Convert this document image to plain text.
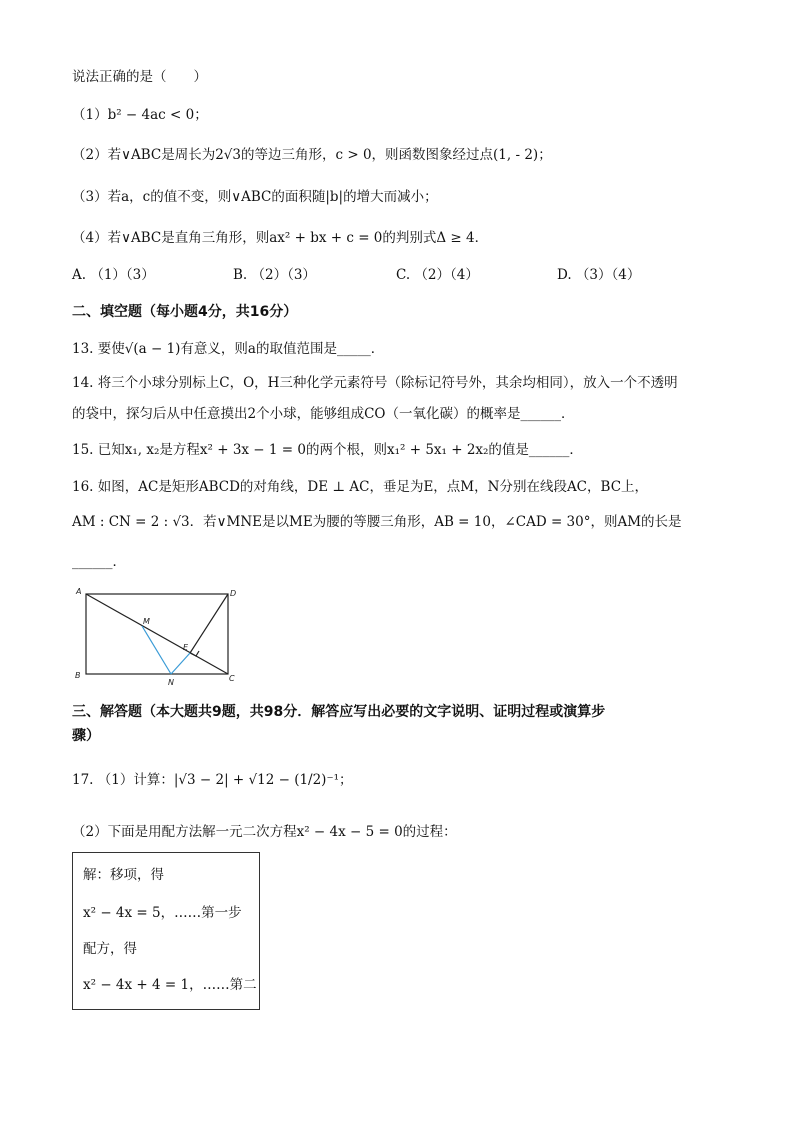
说法正确的是（　　）
（1）b² − 4ac < 0；
（2）若∨ABC是周长为2√3的等边三角形，c > 0，则函数图象经过点(1, - 2)；
（3）若a，c的值不变，则∨ABC的面积随|b|的增大而减小；
（4）若∨ABC是直角三角形，则ax² + bx + c = 0的判别式Δ ≥ 4．
A. （1）（3）	B. （2）（3）	C. （2）（4）	D. （3）（4）
二、填空题（每小题4分，共16分）
13. 要使√(a − 1)有意义，则a的取值范围是_____．
14. 将三个小球分别标上C，O，H三种化学元素符号（除标记符号外，其余均相同），放入一个不透明
的袋中，探匀后从中任意摸出2个小球，能够组成CO（一氧化碳）的概率是______．
15. 已知x₁, x₂是方程x² + 3x − 1 = 0的两个根，则x₁² + 5x₁ + 2x₂的值是______．
16. 如图，AC是矩形ABCD的对角线，DE ⊥ AC，垂足为E，点M，N分别在线段AC，BC上，
AM : CN = 2 : √3．若∨MNE是以ME为腰的等腰三角形，AB = 10，∠CAD = 30°，则AM的长是
______．
A
B	C
D
M
E
N
三、解答题（本大题共9题，共98分．解答应写出必要的文字说明、证明过程或演算步
骤）
17. （1）计算：|√3 − 2| + √12 − (1/2)⁻¹；
（2）下面是用配方法解一元二次方程x² − 4x − 5 = 0的过程：
解：移项，得
x² − 4x = 5，……第一步
配方，得
x² − 4x + 4 = 1，……第二
